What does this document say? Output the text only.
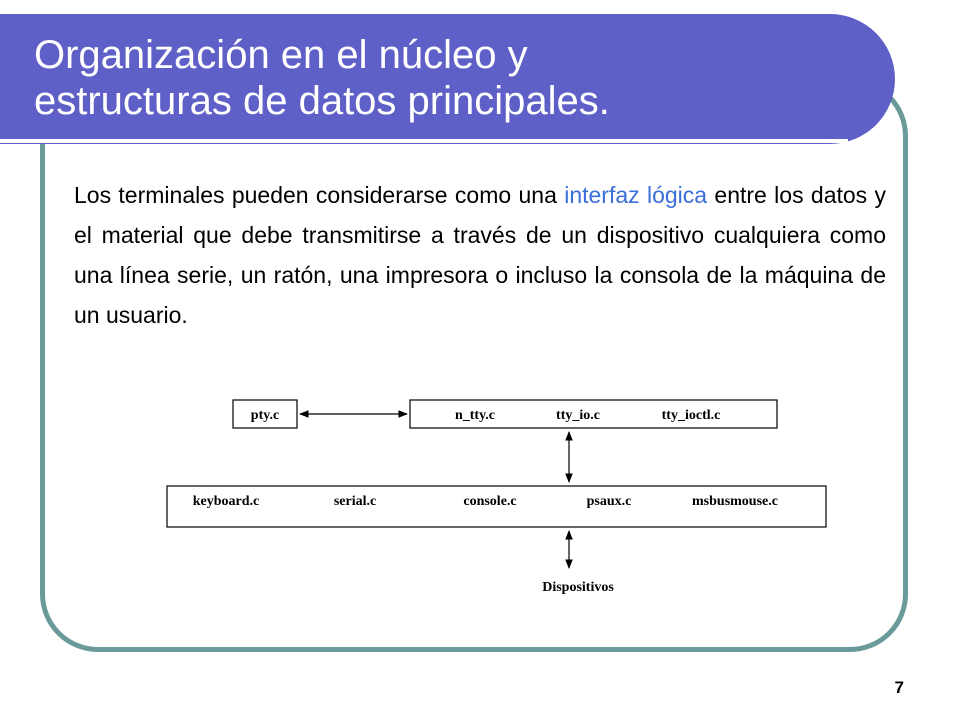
Organización en el núcleo y
estructuras de datos principales.
Los terminales pueden considerarse como una interfaz lógica entre los datos y el material que debe transmitirse a través de un dispositivo cualquiera como una línea serie, un ratón, una impresora o incluso la consola de la máquina de un usuario.
pty.c	n_tty.c	tty_io.c	tty_ioctl.c
keyboard.c	serial.c	console.c	psaux.c	msbusmouse.c
Dispositivos
7
